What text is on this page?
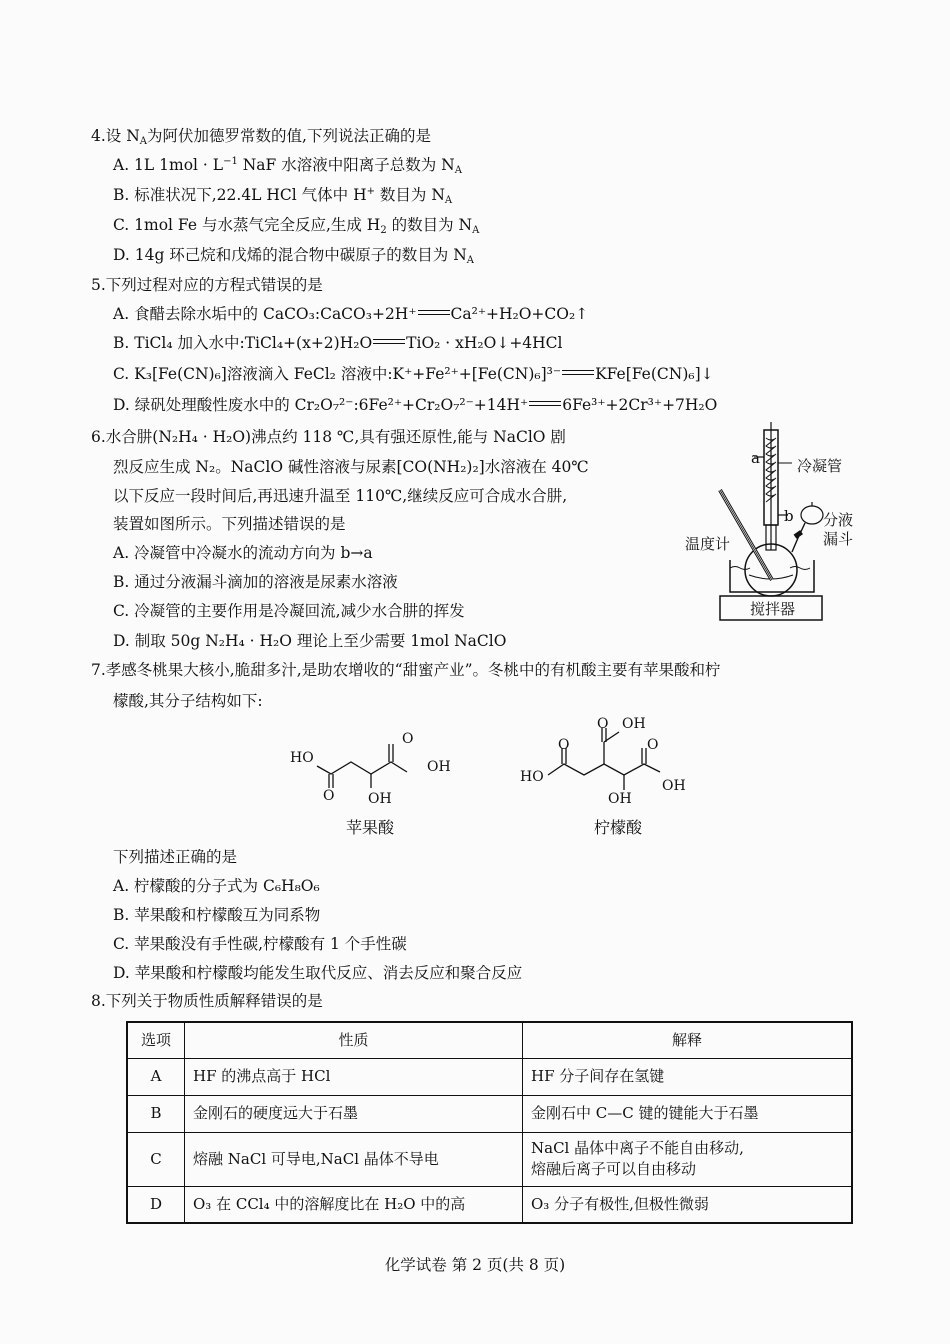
4.设 $N_A$为阿伏加德罗常数的值,下列说法正确的是
A. 1L $1mol \cdot L^{-1}$ NaF 水溶液中阳离子总数为 $N_A$
B. 标准状况下,22.4L HCl 气体中 H+ 数目为 $N_A$
C. 1mol Fe 与水蒸气完全反应,生成 $H_2$ 的数目为 $N_A$
D. 14g 环己烷和戊烯的混合物中碳原子的数目为 $N_A$
5.下列过程对应的方程式错误的是
A. 食醋去除水垢中的 CaCO₃:CaCO₃+2H⁺ Ca²⁺+H₂O+CO₂↑
B. TiCl₄ 加入水中:TiCl₄+(x+2)H₂O TiO₂ · xH₂O↓+4HCl
C. K₃[Fe(CN)₆]溶液滴入 FeCl₂ 溶液中:K⁺+Fe²⁺+[Fe(CN)₆]³⁻ KFe[Fe(CN)₆]↓
D. 绿矾处理酸性废水中的 Cr₂O₇²⁻:6Fe²⁺+Cr₂O₇²⁻+14H⁺ 6Fe³⁺+2Cr³⁺+7H₂O
6.水合肼(N₂H₄ · H₂O)沸点约 118 ℃,具有强还原性,能与 NaClO 剧
烈反应生成 N₂。NaClO 碱性溶液与尿素[CO(NH₂)₂]水溶液在 40℃
以下反应一段时间后,再迅速升温至 110℃,继续反应可合成水合肼,
装置如图所示。下列描述错误的是
A. 冷凝管中冷凝水的流动方向为 b→a
B. 通过分液漏斗滴加的溶液是尿素水溶液
C. 冷凝管的主要作用是冷凝回流,减少水合肼的挥发
D. 制取 50g N₂H₄ · H₂O 理论上至少需要 1mol NaClO
a
b
冷凝管
分液
漏斗
温度计
搅拌器
7.孝感冬桃果大核小,脆甜多汁,是助农增收的“甜蜜产业”。冬桃中的有机酸主要有苹果酸和柠
檬酸,其分子结构如下:
HO
O OH
O
OH
苹果酸
O OH
O	O
HO
OH
OH
柠檬酸
下列描述正确的是
A. 柠檬酸的分子式为 C₆H₈O₆
B. 苹果酸和柠檬酸互为同系物
C. 苹果酸没有手性碳,柠檬酸有 1 个手性碳
D. 苹果酸和柠檬酸均能发生取代反应、消去反应和聚合反应
8.下列关于物质性质解释错误的是
选项	性质	解释
A	HF 的沸点高于 HCl	HF 分子间存在氢键
B	金刚石的硬度远大于石墨	金刚石中 C—C 键的键能大于石墨
C	熔融 NaCl 可导电,NaCl 晶体不导电	NaCl 晶体中离子不能自由移动,
熔融后离子可以自由移动

D	O₃ 在 CCl₄ 中的溶解度比在 H₂O 中的高	O₃ 分子有极性,但极性微弱
化学试卷 第 2 页(共 8 页)
